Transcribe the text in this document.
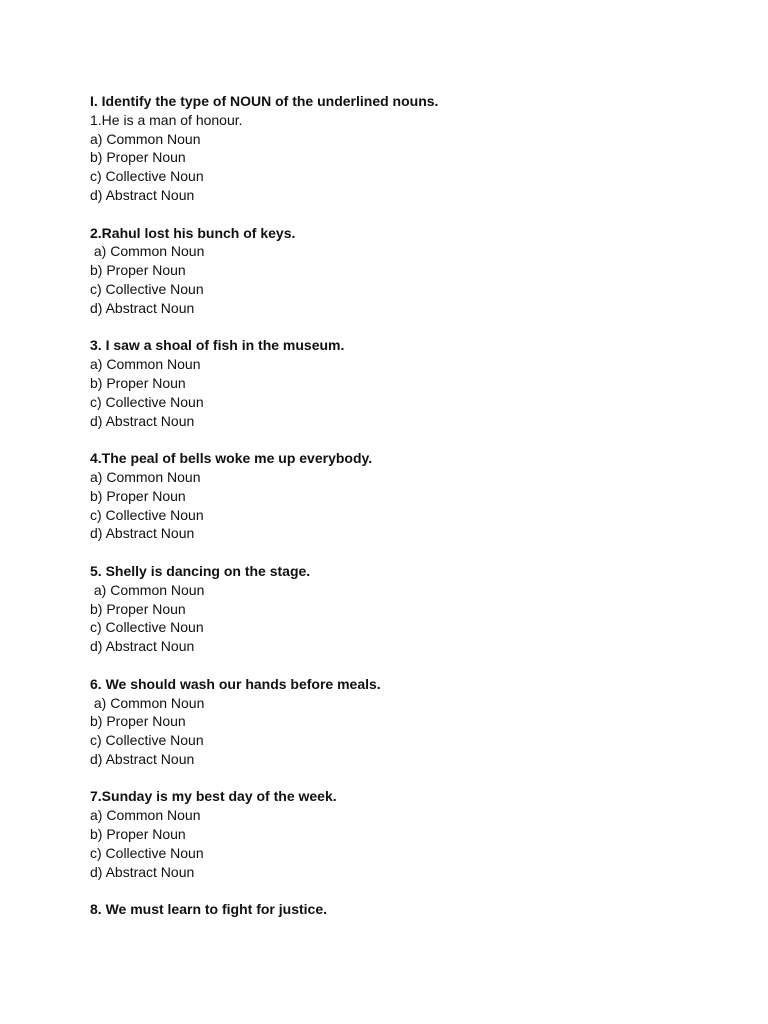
I. Identify the type of NOUN of the underlined nouns.
1.He is a man of honour.
a) Common Noun
b) Proper Noun
c) Collective Noun
d) Abstract Noun
2.Rahul lost his bunch of keys.
a) Common Noun
b) Proper Noun
c) Collective Noun
d) Abstract Noun
3. I saw a shoal of fish in the museum.
a) Common Noun
b) Proper Noun
c) Collective Noun
d) Abstract Noun
4.The peal of bells woke me up everybody.
a) Common Noun
b) Proper Noun
c) Collective Noun
d) Abstract Noun
5. Shelly is dancing on the stage.
a) Common Noun
b) Proper Noun
c) Collective Noun
d) Abstract Noun
6. We should wash our hands before meals.
a) Common Noun
b) Proper Noun
c) Collective Noun
d) Abstract Noun
7.Sunday is my best day of the week.
a) Common Noun
b) Proper Noun
c) Collective Noun
d) Abstract Noun
8. We must learn to fight for justice.
